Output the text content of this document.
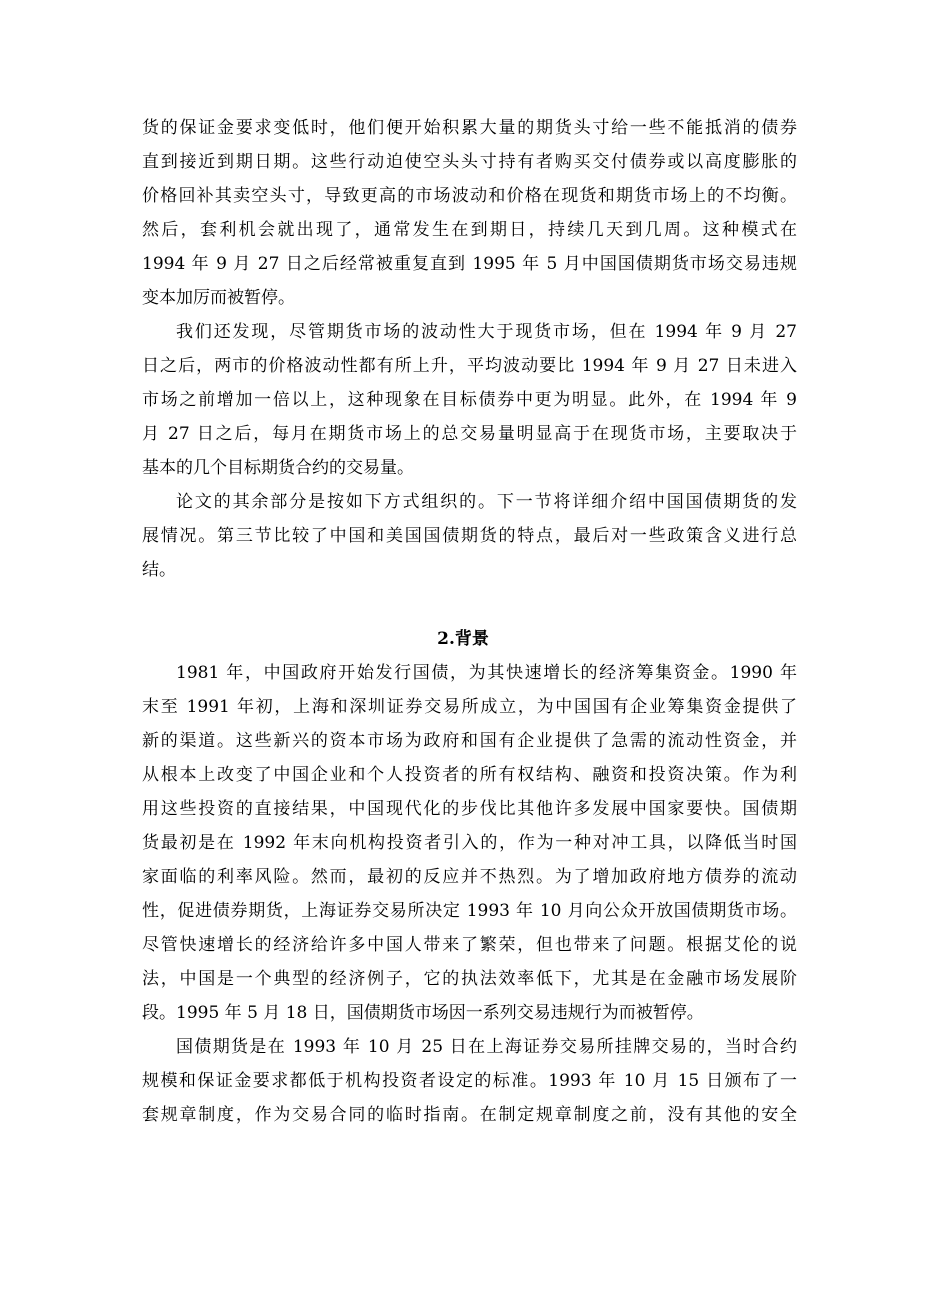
货的保证金要求变低时，他们便开始积累大量的期货头寸给一些不能抵消的债券
直到接近到期日期。这些行动迫使空头头寸持有者购买交付债券或以高度膨胀的
价格回补其卖空头寸，导致更高的市场波动和价格在现货和期货市场上的不均衡。
然后，套利机会就出现了，通常发生在到期日，持续几天到几周。这种模式在
1994 年 9 月 27 日之后经常被重复直到 1995 年 5 月中国国债期货市场交易违规
变本加厉而被暂停。
我们还发现，尽管期货市场的波动性大于现货市场，但在 1994 年 9 月 27
日之后，两市的价格波动性都有所上升，平均波动要比 1994 年 9 月 27 日未进入
市场之前增加一倍以上，这种现象在目标债券中更为明显。此外，在 1994 年 9
月 27 日之后，每月在期货市场上的总交易量明显高于在现货市场，主要取决于
基本的几个目标期货合约的交易量。
论文的其余部分是按如下方式组织的。下一节将详细介绍中国国债期货的发
展情况。第三节比较了中国和美国国债期货的特点，最后对一些政策含义进行总
结。
2.背景
1981 年，中国政府开始发行国债，为其快速增长的经济筹集资金。1990 年
末至 1991 年初，上海和深圳证券交易所成立，为中国国有企业筹集资金提供了
新的渠道。这些新兴的资本市场为政府和国有企业提供了急需的流动性资金，并
从根本上改变了中国企业和个人投资者的所有权结构、融资和投资决策。作为利
用这些投资的直接结果，中国现代化的步伐比其他许多发展中国家要快。国债期
货最初是在 1992 年末向机构投资者引入的，作为一种对冲工具，以降低当时国
家面临的利率风险。然而，最初的反应并不热烈。为了增加政府地方债券的流动
性，促进债券期货，上海证券交易所决定 1993 年 10 月向公众开放国债期货市场。
尽管快速增长的经济给许多中国人带来了繁荣，但也带来了问题。根据艾伦的说
法，中国是一个典型的经济例子，它的执法效率低下，尤其是在金融市场发展阶
段。1995 年 5 月 18 日，国债期货市场因一系列交易违规行为而被暂停。
国债期货是在 1993 年 10 月 25 日在上海证券交易所挂牌交易的，当时合约
规模和保证金要求都低于机构投资者设定的标准。1993 年 10 月 15 日颁布了一
套规章制度，作为交易合同的临时指南。在制定规章制度之前，没有其他的安全
